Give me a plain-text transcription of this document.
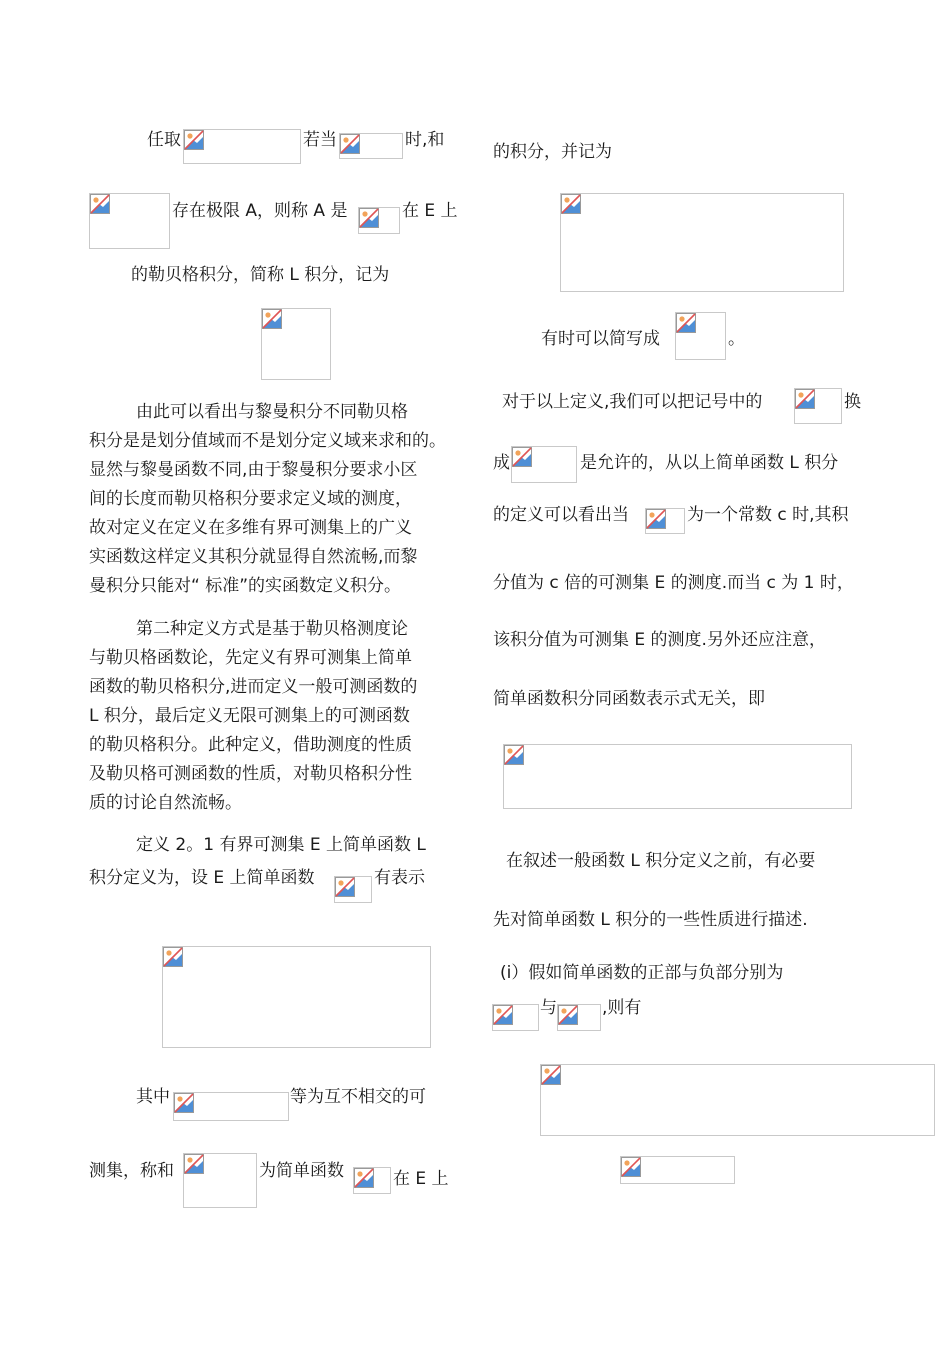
任取	若当	时,和
存在极限 A，则称 A 是	在 E 上
的勒贝格积分，简称 L 积分，记为
由此可以看出与黎曼积分不同勒贝格
积分是是划分值域而不是划分定义域来求和的。
显然与黎曼函数不同,由于黎曼积分要求小区
间的长度而勒贝格积分要求定义域的测度，
故对定义在定义在多维有界可测集上的广义
实函数这样定义其积分就显得自然流畅,而黎
曼积分只能对“ 标准”的实函数定义积分。
第二种定义方式是基于勒贝格测度论
与勒贝格函数论，先定义有界可测集上简单
函数的勒贝格积分,进而定义一般可测函数的
L 积分，最后定义无限可测集上的可测函数
的勒贝格积分。此种定义，借助测度的性质
及勒贝格可测函数的性质，对勒贝格积分性
质的讨论自然流畅。
定义 2。1 有界可测集 E 上简单函数 L
积分定义为，设 E 上简单函数	有表示
其中	等为互不相交的可
测集，称和	为简单函数	在 E 上
的积分，并记为
有时可以简写成	。
对于以上定义,我们可以把记号中的	换
成	是允许的，从以上简单函数 L 积分
的定义可以看出当	为一个常数 c 时,其积
分值为 c 倍的可测集 E 的测度.而当 c 为 1 时，
该积分值为可测集 E 的测度.另外还应注意，
简单函数积分同函数表示式无关，即
在叙述一般函数 L 积分定义之前，有必要
先对简单函数 L 积分的一些性质进行描述.
(i）假如简单函数的正部与负部分别为
与	,则有
